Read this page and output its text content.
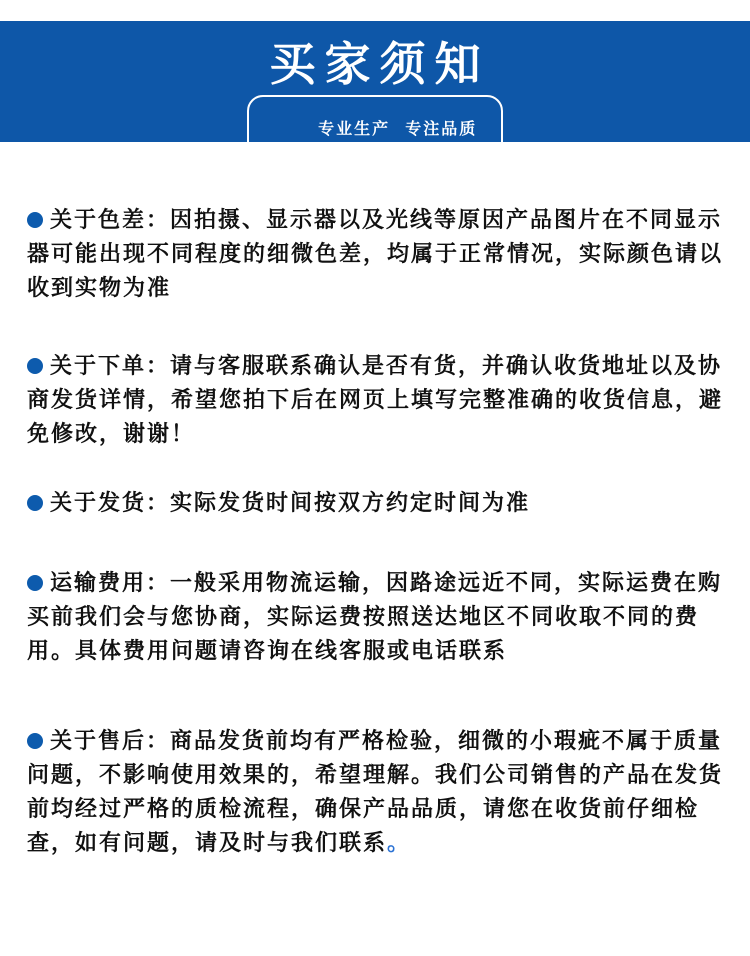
买家须知

专业生产  专注品质

关于色差：因拍摄、显示器以及光线等原因产品图片在不同显示器可能出现不同程度的细微色差，均属于正常情况，实际颜色请以收到实物为准

关于下单：请与客服联系确认是否有货，并确认收货地址以及协商发货详情，希望您拍下后在网页上填写完整准确的收货信息，避免修改，谢谢！

关于发货：实际发货时间按双方约定时间为准

运输费用：一般采用物流运输，因路途远近不同，实际运费在购买前我们会与您协商，实际运费按照送达地区不同收取不同的费用。具体费用问题请咨询在线客服或电话联系

关于售后：商品发货前均有严格检验，细微的小瑕疵不属于质量问题，不影响使用效果的，希望理解。我们公司销售的产品在发货前均经过严格的质检流程，确保产品品质，请您在收货前仔细检查，如有问题，请及时与我们联系。
